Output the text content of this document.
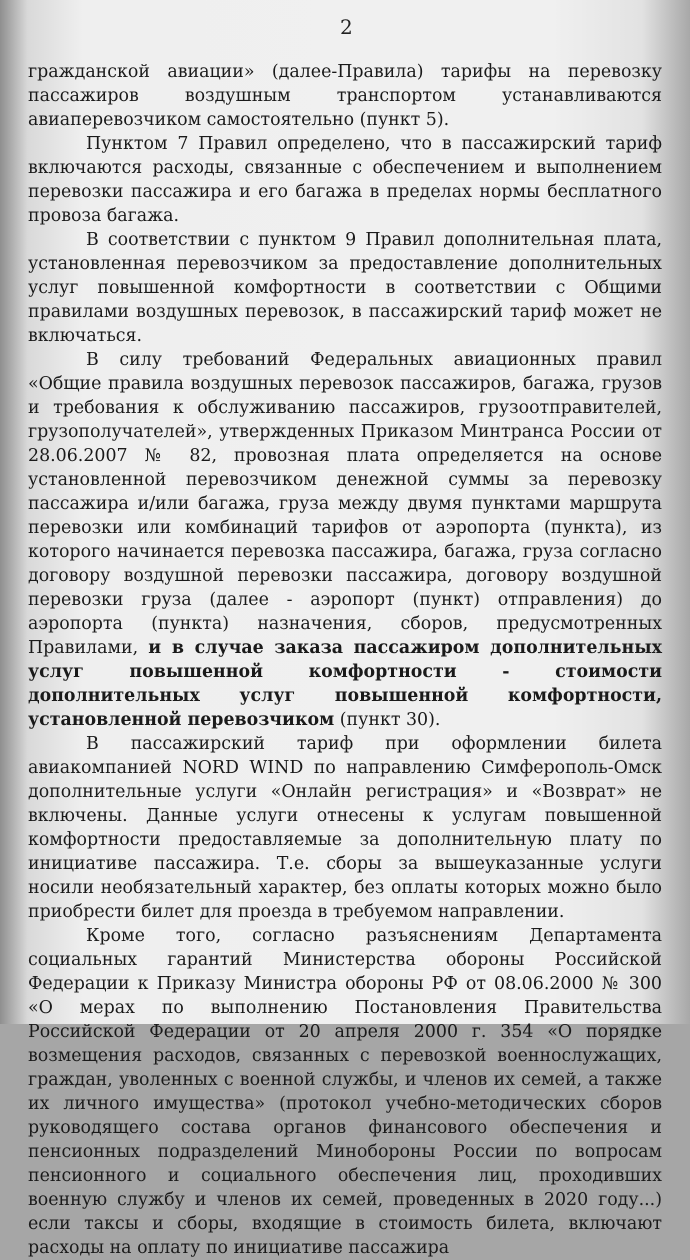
2

гражданской авиации» (далее-Правила) тарифы на перевозку пассажиров воздушным транспортом устанавливаются авиаперевозчиком самостоятельно (пункт 5).

Пунктом 7 Правил определено, что в пассажирский тариф включаются расходы, связанные с обеспечением и выполнением перевозки пассажира и его багажа в пределах нормы бесплатного провоза багажа.

В соответствии с пунктом 9 Правил дополнительная плата, установленная перевозчиком за предоставление дополнительных услуг повышенной комфортности в соответствии с Общими правилами воздушных перевозок, в пассажирский тариф может не включаться.

В силу требований Федеральных авиационных правил «Общие правила воздушных перевозок пассажиров, багажа, грузов и требования к обслуживанию пассажиров, грузоотправителей, грузополучателей», утвержденных Приказом Минтранса России от 28.06.2007 № 82, провозная плата определяется на основе установленной перевозчиком денежной суммы за перевозку пассажира и/или багажа, груза между двумя пунктами маршрута перевозки или комбинаций тарифов от аэропорта (пункта), из которого начинается перевозка пассажира, багажа, груза согласно договору воздушной перевозки пассажира, договору воздушной перевозки груза (далее - аэропорт (пункт) отправления) до аэропорта (пункта) назначения, сборов, предусмотренных Правилами, и в случае заказа пассажиром дополнительных услуг повышенной комфортности - стоимости дополнительных услуг повышенной комфортности, установленной перевозчиком (пункт 30).

В пассажирский тариф при оформлении билета авиакомпанией NORD WIND по направлению Симферополь-Омск дополнительные услуги «Онлайн регистрация» и «Возврат» не включены. Данные услуги отнесены к услугам повышенной комфортности предоставляемые за дополнительную плату по инициативе пассажира. Т.е. сборы за вышеуказанные услуги носили необязательный характер, без оплаты которых можно было приобрести билет для проезда в требуемом направлении.

Кроме того, согласно разъяснениям Департамента социальных гарантий Министерства обороны Российской Федерации к Приказу Министра обороны РФ от 08.06.2000 № 300 «О мерах по выполнению Постановления Правительства Российской Федерации от 20 апреля 2000 г. 354 «О порядке возмещения расходов, связанных с перевозкой военнослужащих, граждан, уволенных с военной службы, и членов их семей, а также их личного имущества» (протокол учебно-методических сборов руководящего состава органов финансового обеспечения и пенсионных подразделений Минобороны России по вопросам пенсионного и социального обеспечения лиц, проходивших военную службу и членов их семей, проведенных в 2020 году...) если таксы и сборы, входящие в стоимость билета, включают расходы на оплату по инициативе пассажира
